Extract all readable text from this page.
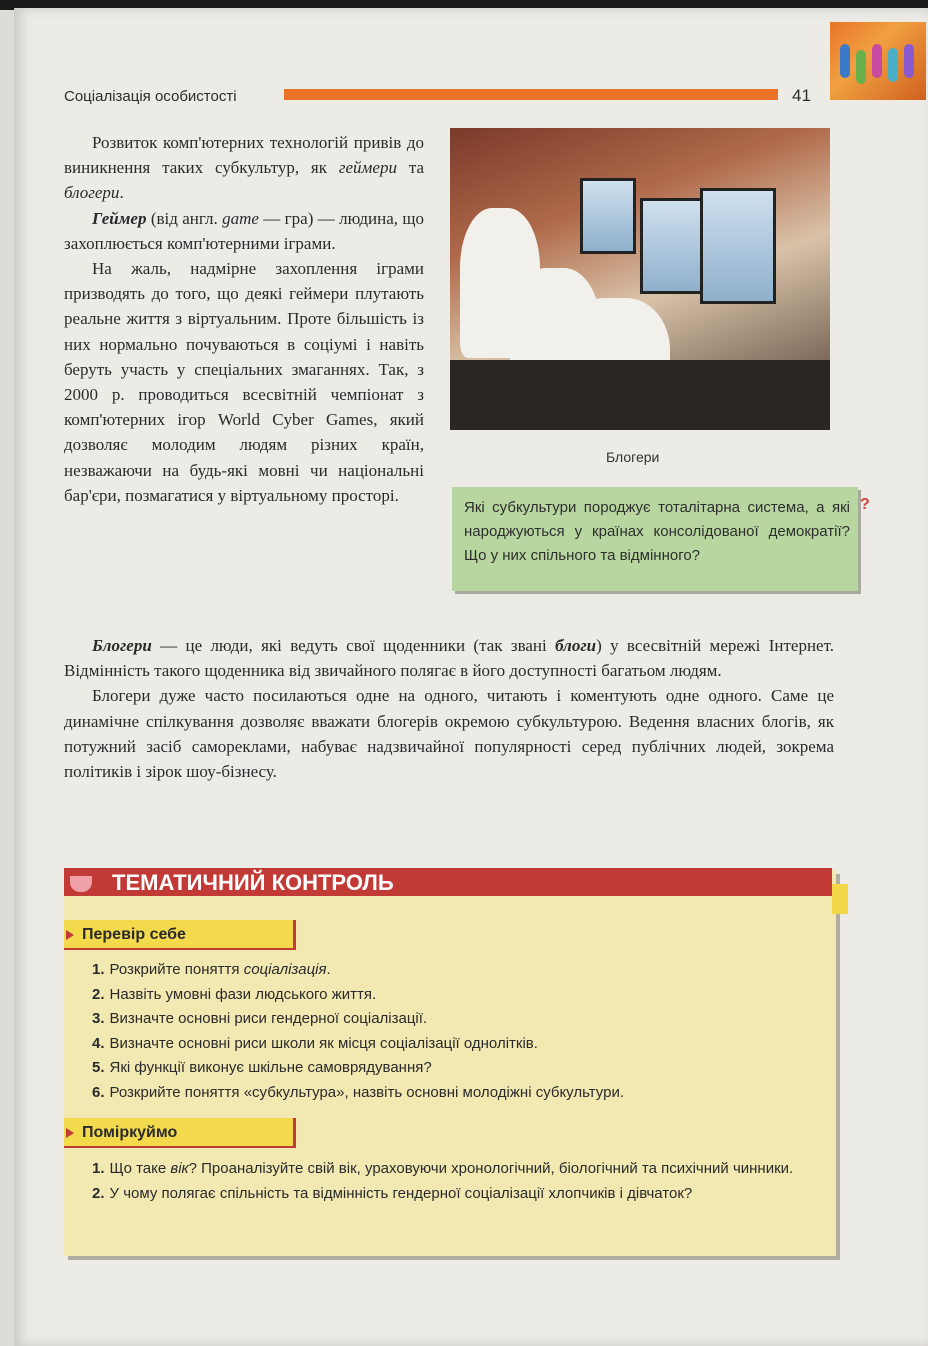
Соціалізація особистості	41

Розвиток комп'ютерних технологій привів до виникнення таких субкультур, як геймери та блогери.

Геймер (від англ. game — гра) — людина, що захоплюється комп'ютерними іграми.

На жаль, надмірне захоплення іграми призводять до того, що деякі геймери плутають реальне життя з віртуальним. Проте більшість із них нормально почуваються в соціумі і навіть беруть участь у спеціальних змаганнях. Так, з 2000 р. проводиться всесвітній чемпіонат з комп'ютерних ігор World Cyber Games, який дозволяє молодим людям різних країн, незважаючи на будь-які мовні чи національні бар'єри, позмагатися у віртуальному просторі.

Блогери
Які субкультури породжує тоталітарна система, а які народжуються у країнах консолідованої демократії? Що у них спільного та відмінного?
?

Блогери — це люди, які ведуть свої щоденники (так звані блоги) у всесвітній мережі Інтернет. Відмінність такого щоденника від звичайного полягає в його доступності багатьом людям.

Блогери дуже часто посилаються одне на одного, читають і коментують одне одного. Саме це динамічне спілкування дозволяє вважати блогерів окремою субкультурою. Ведення власних блогів, як потужний засіб самореклами, набуває надзвичайної популярності серед публічних людей, зокрема політиків і зірок шоу-бізнесу.

ТЕМАТИЧНИЙ КОНТРОЛЬ
Перевір себе
1. Розкрийте поняття соціалізація.
2. Назвіть умовні фази людського життя.
3. Визначте основні риси гендерної соціалізації.
4. Визначте основні риси школи як місця соціалізації однолітків.
5. Які функції виконує шкільне самоврядування?
6. Розкрийте поняття «субкультура», назвіть основні молодіжні субкультури.
Поміркуймо
1. Що таке вік? Проаналізуйте свій вік, ураховуючи хронологічний, біологічний та психічний чинники.
2. У чому полягає спільність та відмінність гендерної соціалізації хлопчиків і дівчаток?
